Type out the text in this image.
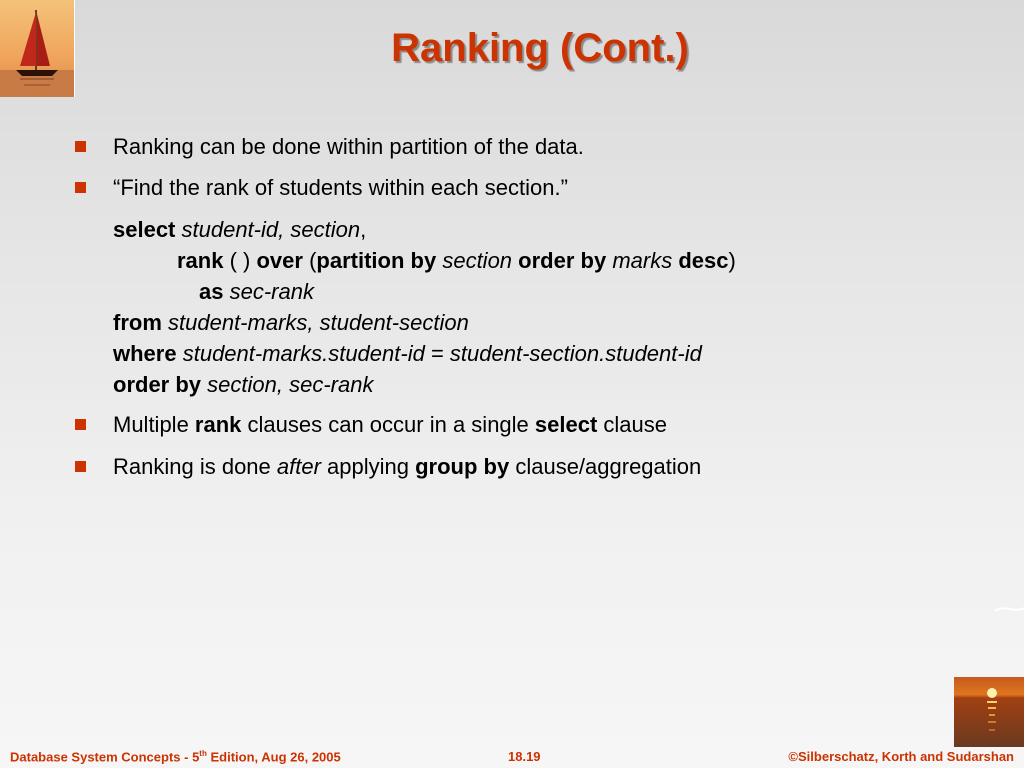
Ranking (Cont.)
Ranking can be done within partition of the data.
“Find the rank of students within each section.”
select student-id, section,
rank ( ) over (partition by section order by marks desc)
as sec-rank
from student-marks, student-section
where student-marks.student-id = student-section.student-id
order by section, sec-rank
Multiple rank clauses can occur in a single select clause
Ranking is done after applying group by clause/aggregation
Database System Concepts - 5th Edition, Aug 26, 2005	18.19	©Silberschatz, Korth and Sudarshan
